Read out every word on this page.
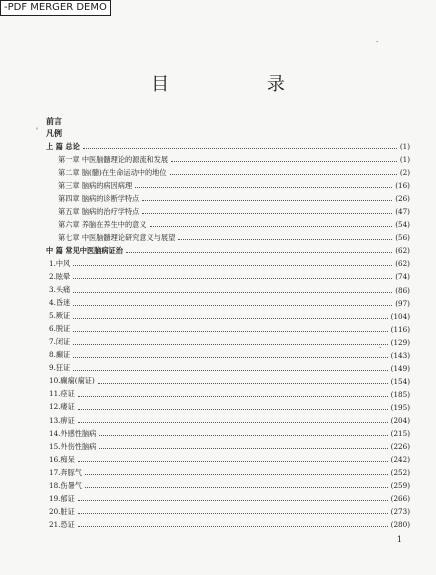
-PDF MERGER DEMO
目 录
前言
凡例
上 篇 总论	(1)
第一章 中医脑髓理论的源流和发展	(1)
第二章 脑(髓)在生命运动中的地位	(2)
第三章 脑病的病因病理	(16)
第四章 脑病的诊断学特点	(26)
第五章 脑病的治疗学特点	(47)
第六章 养脑在养生中的意义	(54)
第七章 中医脑髓理论研究意义与展望	(56)
中 篇 常见中医脑病证治	(62)
1.中风	(62)
2.眩晕	(74)
3.头痛	(86)
4.昏迷	(97)
5.厥证	(104)
6.脱证	(116)
7.闭证	(129)
8.癫证	(143)
9.狂证	(149)
10.癫痫(痫证)	(154)
11.痉证	(185)
12.痿证	(195)
13.痹证	(204)
14.外感性脑病	(215)
15.外伤性脑病	(226)
16.痴呆	(242)
17.奔豚气	(252)
18.伤暑气	(259)
19.郁证	(266)
20.脏证	(273)
21.恐证	(280)
1
'
.
.
